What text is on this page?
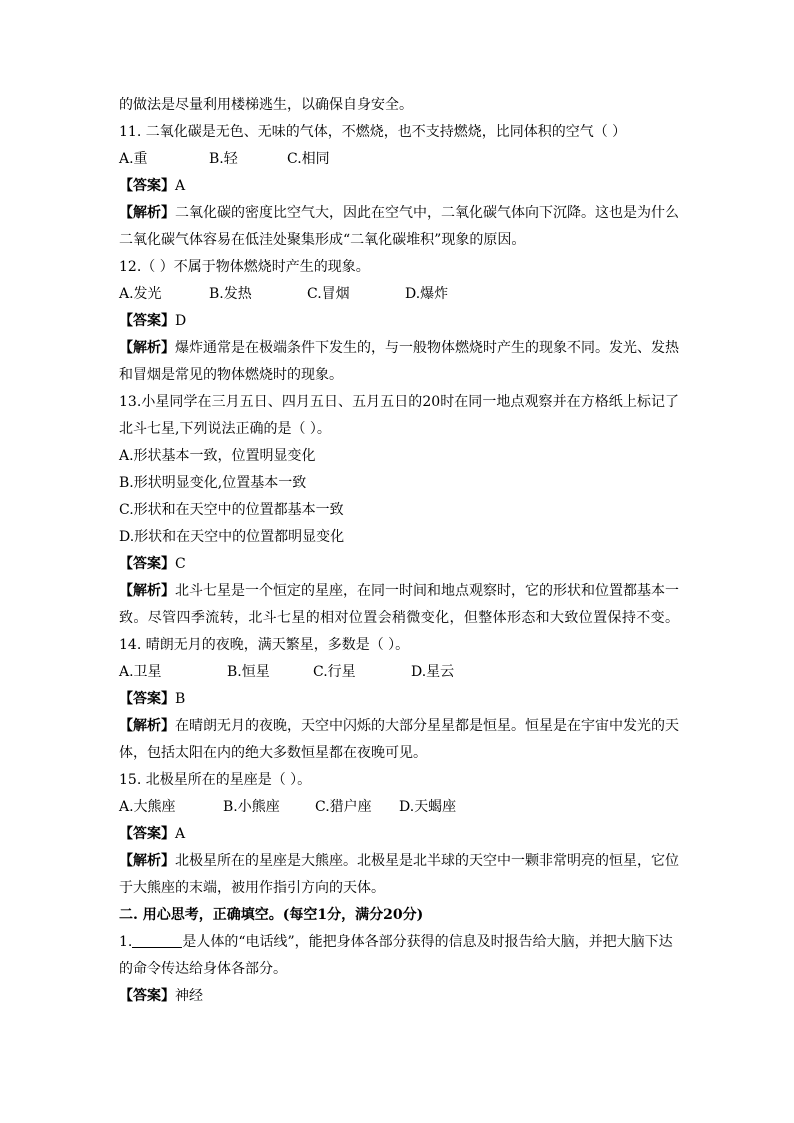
的做法是尽量利用楼梯逃生，以确保自身安全。
11. 二氧化碳是无色、无味的气体，不燃烧，也不支持燃烧，比同体积的空气（ ）
A.重	B.轻	C.相同
【答案】A
【解析】二氧化碳的密度比空气大，因此在空气中，二氧化碳气体向下沉降。这也是为什么
二氧化碳气体容易在低洼处聚集形成“二氧化碳堆积”现象的原因。
12.（ ）不属于物体燃烧时产生的现象。
A.发光	B.发热	C.冒烟	D.爆炸
【答案】D
【解析】爆炸通常是在极端条件下发生的，与一般物体燃烧时产生的现象不同。发光、发热
和冒烟是常见的物体燃烧时的现象。
13.小星同学在三月五日、四月五日、五月五日的20时在同一地点观察并在方格纸上标记了
北斗七星,下列说法正确的是（ ）。
A.形状基本一致，位置明显变化
B.形状明显变化,位置基本一致
C.形状和在天空中的位置都基本一致
D.形状和在天空中的位置都明显变化
【答案】C
【解析】北斗七星是一个恒定的星座，在同一时间和地点观察时，它的形状和位置都基本一
致。尽管四季流转，北斗七星的相对位置会稍微变化，但整体形态和大致位置保持不变。
14. 晴朗无月的夜晚，满天繁星，多数是（ ）。
A.卫星	B.恒星	C.行星	D.星云
【答案】B
【解析】在晴朗无月的夜晚，天空中闪烁的大部分星星都是恒星。恒星是在宇宙中发光的天
体，包括太阳在内的绝大多数恒星都在夜晚可见。
15. 北极星所在的星座是（ ）。
A.大熊座	B.小熊座	C.猎户座 D.天蝎座
【答案】A
【解析】北极星所在的星座是大熊座。北极星是北半球的天空中一颗非常明亮的恒星，它位
于大熊座的末端，被用作指引方向的天体。
二. 用心思考，正确填空。(每空1分，满分20分)
1.	是人体的“电话线”，能把身体各部分获得的信息及时报告给大脑，并把大脑下达
的命令传达给身体各部分。
【答案】神经
